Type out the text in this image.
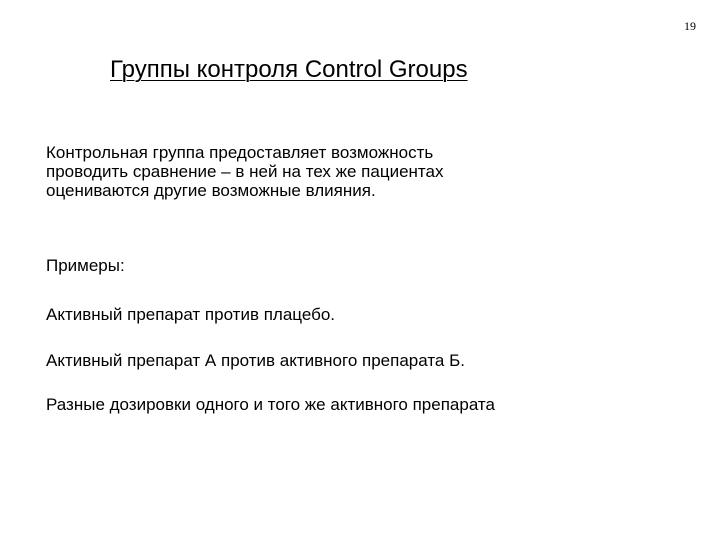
19
Группы контроля Control Groups
Контрольная группа предоставляет возможность
проводить сравнение – в ней на тех же пациентах
оцениваются другие возможные влияния.
Примеры:
Активный препарат против плацебо.
Активный препарат А против активного препарата Б.
Разные дозировки одного и того же активного препарата
